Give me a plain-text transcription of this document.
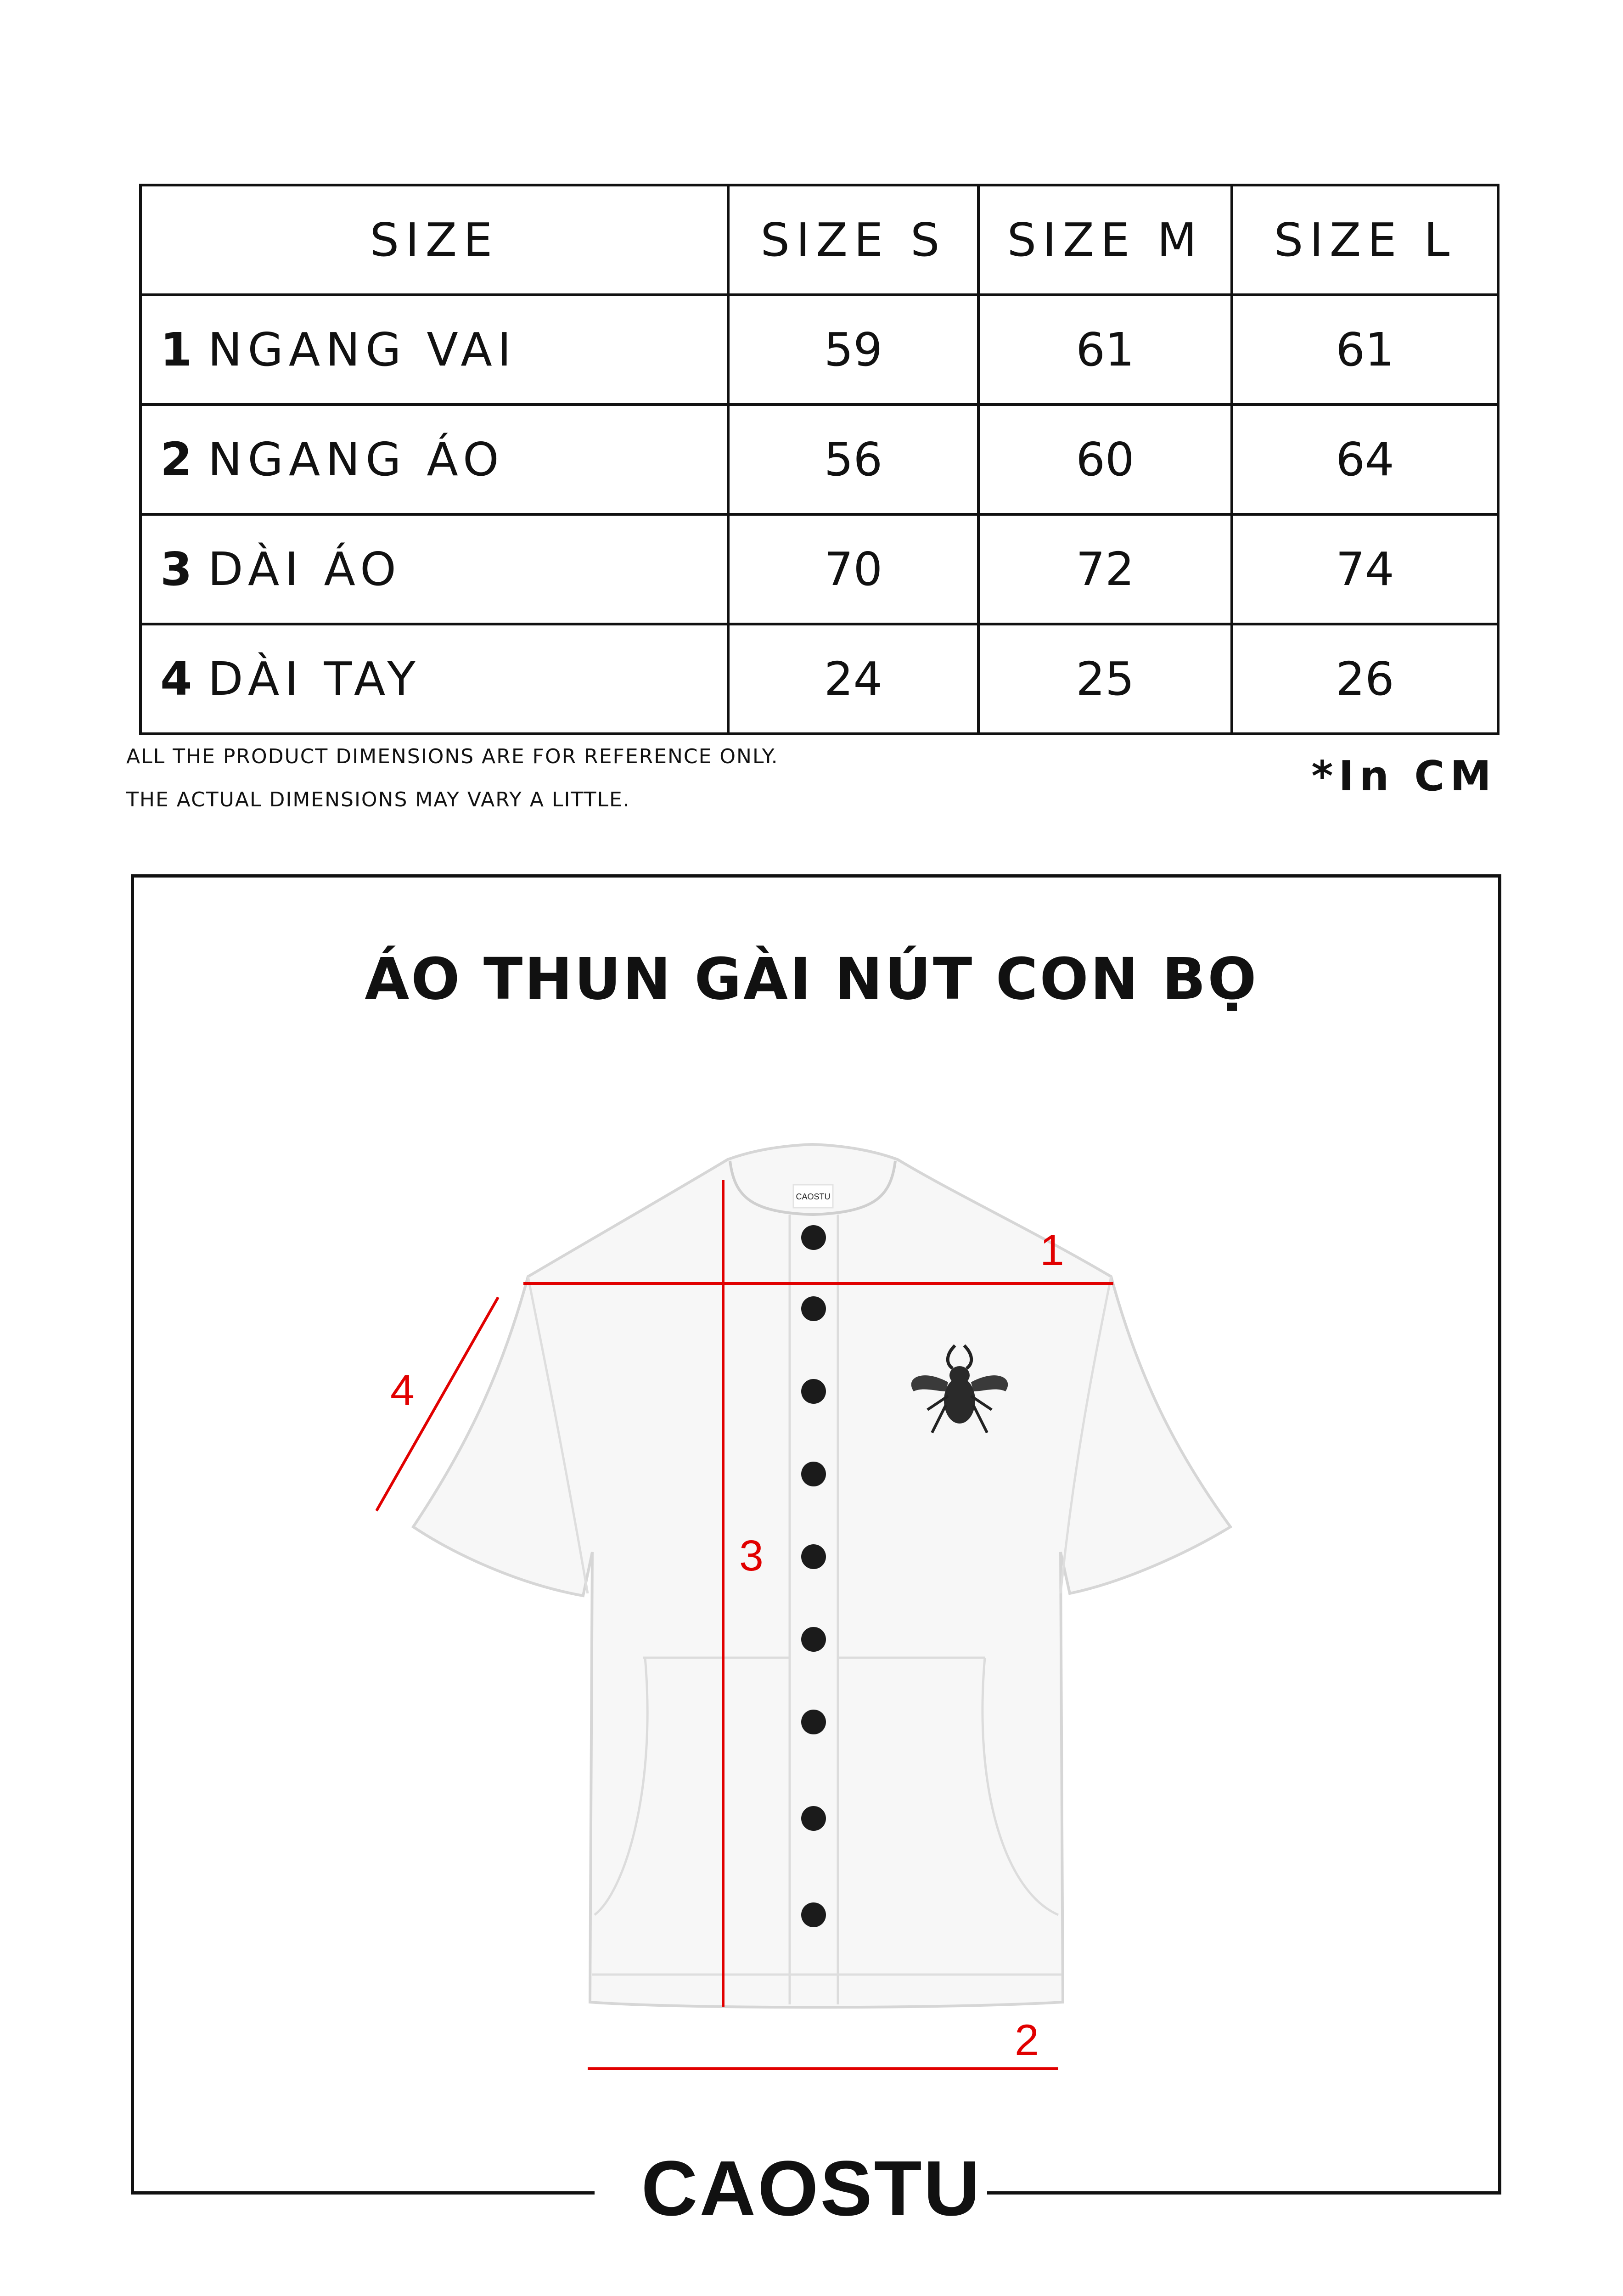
SIZE	SIZE S	SIZE M	SIZE L
1 NGANG VAI	59	61	61
2 NGANG ÁO	56	60	64
3 DÀI ÁO	70	72	74
4 DÀI TAY	24	25	26
ALL THE PRODUCT DIMENSIONS ARE FOR REFERENCE ONLY.
THE ACTUAL DIMENSIONS MAY VARY A LITTLE.	*In CM
ÁO THUN GÀI NÚT CON BỌ
CAOSTU
1
2
3
4
CAOSTU
